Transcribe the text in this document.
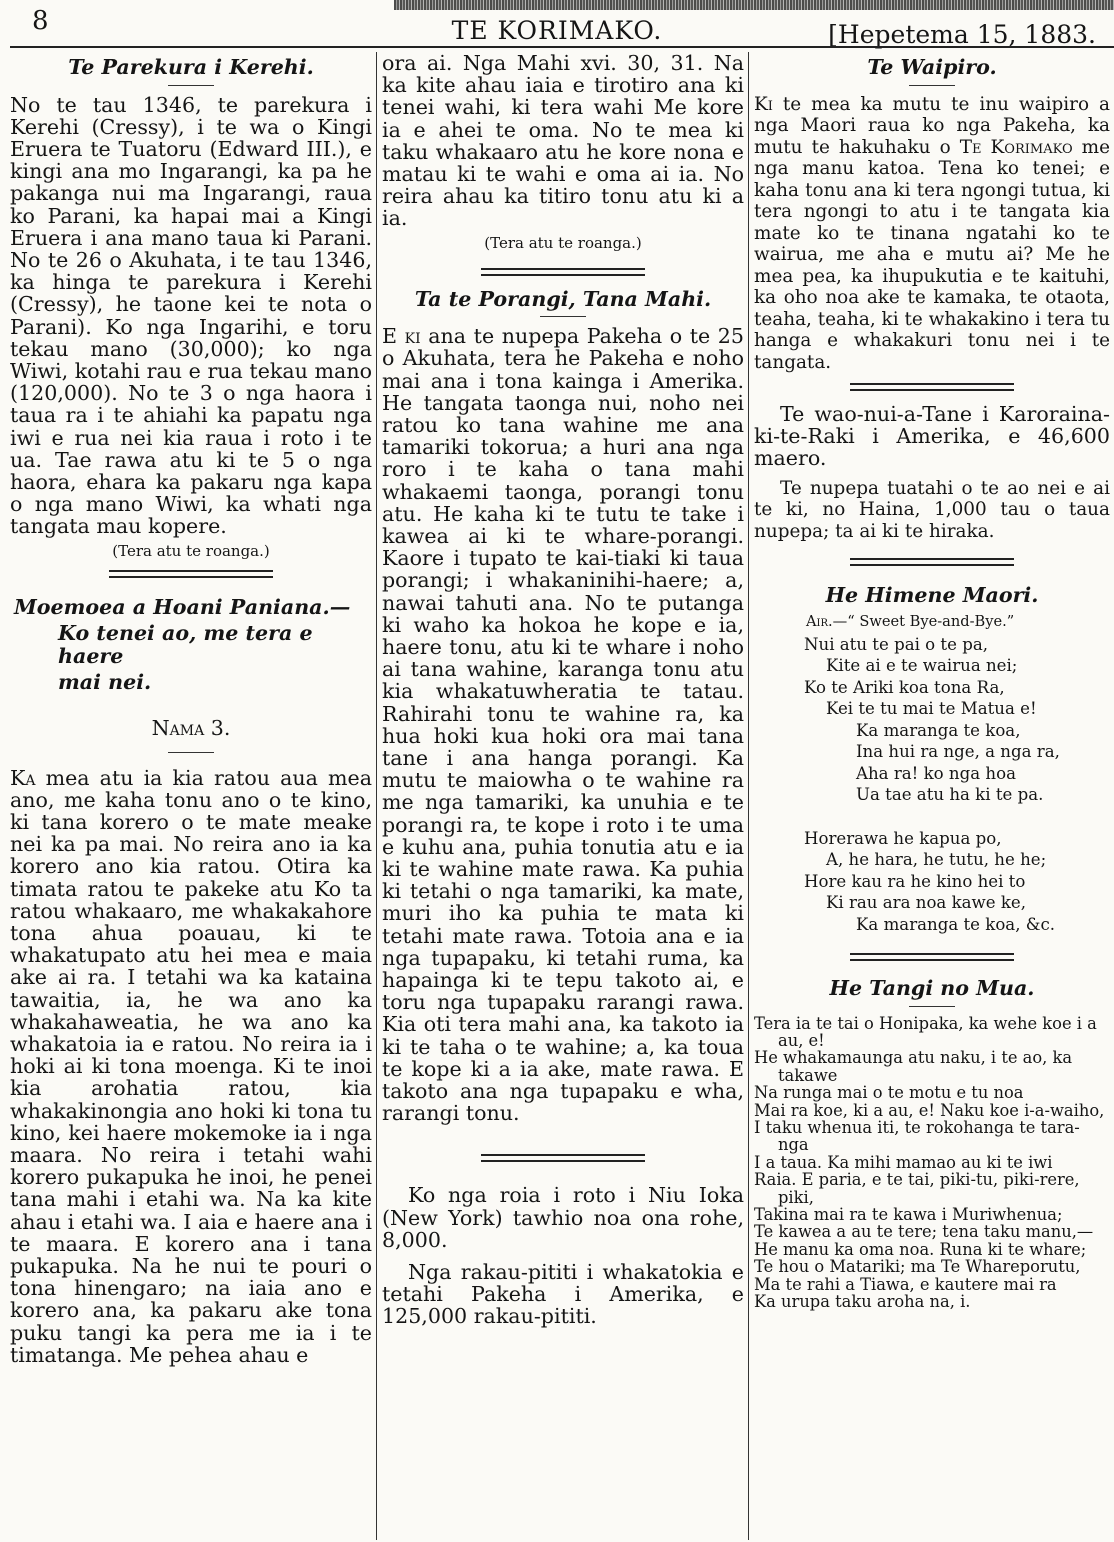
8	TE KORIMAKO.	[Hepetema 15, 1883.
Te Parekura i Kerehi.

No te tau 1346, te parekura i Kerehi (Cressy), i te wa o Kingi Eruera te Tuatoru (Edward III.), e kingi ana mo Ingarangi, ka pa he pakanga nui ma Ingarangi, raua ko Parani, ka hapai mai a Kingi Eruera i ana mano taua ki Parani. No te 26 o Akuhata, i te tau 1346, ka hinga te parekura i Kerehi (Cressy), he taone kei te nota o Parani). Ko nga Ingarihi, e toru tekau mano (30,000); ko nga Wiwi, kotahi rau e rua tekau mano (120,000). No te 3 o nga haora i taua ra i te ahiahi ka papatu nga iwi e rua nei kia raua i roto i te ua. Tae rawa atu ki te 5 o nga haora, ehara ka pakaru nga kapa o nga mano Wiwi, ka whati nga tangata mau kopere.

(Tera atu te roanga.)

Moemoea a Hoani Paniana.—
Ko tenei ao, me tera e haere
mai nei.
Nama 3.

Ka mea atu ia kia ratou aua mea ano, me kaha tonu ano o te kino, ki tana korero o te mate meake nei ka pa mai. No reira ano ia ka korero ano kia ratou. Otira ka timata ratou te pakeke atu Ko ta ratou whakaaro, me whakakahore tona ahua poauau, ki te whakatupato atu hei mea e maia ake ai ra. I tetahi wa ka kataina tawaitia, ia, he wa ano ka whakahaweatia, he wa ano ka whakatoia ia e ratou. No reira ia i hoki ai ki tona moenga. Ki te inoi kia arohatia ratou, kia whakakinongia ano hoki ki tona tu kino, kei haere mokemoke ia i nga maara. No reira i tetahi wahi korero pukapuka he inoi, he penei tana mahi i etahi wa. Na ka kite ahau i etahi wa. I aia e haere ana i te maara. E korero ana i tana pukapuka. Na he nui te pouri o tona hinengaro; na iaia ano e korero ana, ka pakaru ake tona puku tangi ka pera me ia i te timatanga. Me pehea ahau e

ora ai. Nga Mahi xvi. 30, 31. Na ka kite ahau iaia e tirotiro ana ki tenei wahi, ki tera wahi Me kore ia e ahei te oma. No te mea ki taku whakaaro atu he kore nona e matau ki te wahi e oma ai ia. No reira ahau ka titiro tonu atu ki a ia.

(Tera atu te roanga.)

Ta te Porangi, Tana Mahi.

E ki ana te nupepa Pakeha o te 25 o Akuhata, tera he Pakeha e noho mai ana i tona kainga i Amerika. He tangata taonga nui, noho nei ratou ko tana wahine me ana tamariki tokorua; a huri ana nga roro i te kaha o tana mahi whakaemi taonga, porangi tonu atu. He kaha ki te tutu te take i kawea ai ki te whare-porangi. Kaore i tupato te kai-tiaki ki taua porangi; i whakaninihi-haere; a, nawai tahuti ana. No te putanga ki waho ka hokoa he kope e ia, haere tonu, atu ki te whare i noho ai tana wahine, karanga tonu atu kia whakatuwheratia te tatau. Rahirahi tonu te wahine ra, ka hua hoki kua hoki ora mai tana tane i ana hanga porangi. Ka mutu te maiowha o te wahine ra me nga tamariki, ka unuhia e te porangi ra, te kope i roto i te uma e kuhu ana, puhia tonutia atu e ia ki te wahine mate rawa. Ka puhia ki tetahi o nga tamariki, ka mate, muri iho ka puhia te mata ki tetahi mate rawa. Totoia ana e ia nga tupapaku, ki tetahi ruma, ka hapainga ki te tepu takoto ai, e toru nga tupapaku rarangi rawa. Kia oti tera mahi ana, ka takoto ia ki te taha o te wahine; a, ka toua te kope ki a ia ake, mate rawa. E takoto ana nga tupapaku e wha, rarangi tonu.

Ko nga roia i roto i Niu Ioka (New York) tawhio noa ona rohe, 8,000.

Nga rakau-pititi i whakatokia e tetahi Pakeha i Amerika, e 125,000 rakau-pititi.

Te Waipiro.

Ki te mea ka mutu te inu waipiro a nga Maori raua ko nga Pakeha, ka mutu te hakuhaku o Te Korimako me nga manu katoa. Tena ko tenei; e kaha tonu ana ki tera ngongi tutua, ki tera ngongi to atu i te tangata kia mate ko te tinana ngatahi ko te wairua, me aha e mutu ai? Me he mea pea, ka ihupukutia e te kaituhi, ka oho noa ake te kamaka, te otaota, teaha, teaha, ki te whakakino i tera tu hanga e whakakuri tonu nei i te tangata.

Te wao-nui-a-Tane i Karoraina-ki-te-Raki i Amerika, e 46,600 maero.

Te nupepa tuatahi o te ao nei e ai te ki, no Haina, 1,000 tau o taua nupepa; ta ai ki te hiraka.

He Himene Maori.
Air.—“ Sweet Bye-and-Bye.”
Nui atu te pai o te pa,
Kite ai e te wairua nei;
Ko te Ariki koa tona Ra,
Kei te tu mai te Matua e!
Ka maranga te koa,
Ina hui ra nge, a nga ra,
Aha ra! ko nga hoa
Ua tae atu ha ki te pa.
Horerawa he kapua po,
A, he hara, he tutu, he he;
Hore kau ra he kino hei to
Ki rau ara noa kawe ke,
Ka maranga te koa, &c.
He Tangi no Mua.
Tera ia te tai o Honipaka, ka wehe koe i a au, e!
He whakamaunga atu naku, i te ao, ka takawe
Na runga mai o te motu e tu noa
Mai ra koe, ki a au, e! Naku koe i-a-waiho,
I taku whenua iti, te rokohanga te tara-nga
I a taua. Ka mihi mamao au ki te iwi
Raia. E paria, e te tai, piki-tu, piki-rere, piki,
Takina mai ra te kawa i Muriwhenua;
Te kawea a au te tere; tena taku manu,—
He manu ka oma noa. Runa ki te whare;
Te hou o Matariki; ma Te Whareporutu,
Ma te rahi a Tiawa, e kautere mai ra
Ka urupa taku aroha na, i.
